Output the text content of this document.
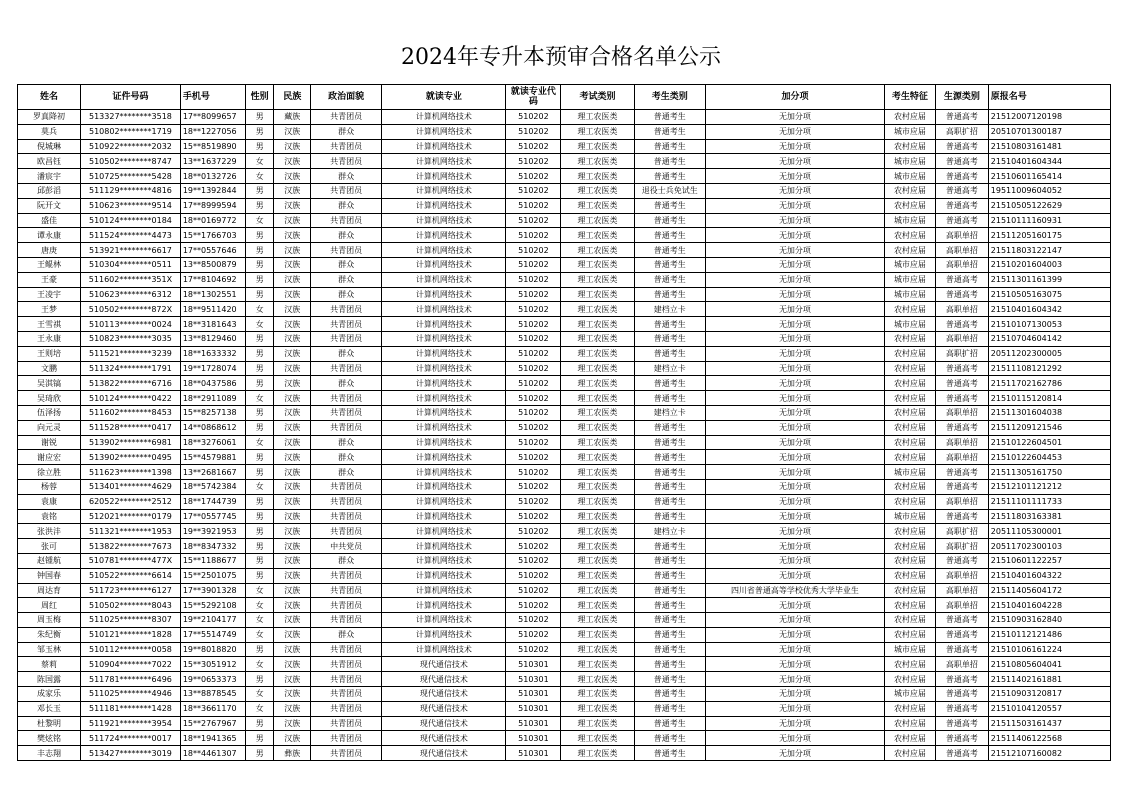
2024年专升本预审合格名单公示
姓名	证件号码	手机号	性别	民族	政治面貌	就读专业	就读专业代码	考试类别	考生类别	加分项	考生特征	生源类别	原报名号
罗真降初	513327********3518	17**8099657	男	藏族	共青团员	计算机网络技术	510202	理工农医类	普通考生	无加分项	农村应届	普通高考	21512007120198
莫兵	510802********1719	18**1227056	男	汉族	群众	计算机网络技术	510202	理工农医类	普通考生	无加分项	城市应届	高职扩招	20510701300187
倪城琳	510922********2032	15**8519890	男	汉族	共青团员	计算机网络技术	510202	理工农医类	普通考生	无加分项	农村应届	普通高考	21510803161481
欧昌钰	510502********8747	13**1637229	女	汉族	共青团员	计算机网络技术	510202	理工农医类	普通考生	无加分项	城市应届	普通高考	21510401604344
潘宸宇	510725********5428	18**0132726	女	汉族	群众	计算机网络技术	510202	理工农医类	普通考生	无加分项	城市应届	普通高考	21510601165414
邱彭滔	511129********4816	19**1392844	男	汉族	共青团员	计算机网络技术	510202	理工农医类	退役士兵免试生	无加分项	农村应届	普通高考	19511009604052
阮开文	510623********9514	17**8999594	男	汉族	群众	计算机网络技术	510202	理工农医类	普通考生	无加分项	农村应届	普通高考	21510505122629
盛佳	510124********0184	18**0169772	女	汉族	共青团员	计算机网络技术	510202	理工农医类	普通考生	无加分项	城市应届	普通高考	21510111160931
谭永康	511524********4473	15**1766703	男	汉族	群众	计算机网络技术	510202	理工农医类	普通考生	无加分项	农村应届	高职单招	21511205160175
唐庚	513921********6617	17**0557646	男	汉族	共青团员	计算机网络技术	510202	理工农医类	普通考生	无加分项	农村应届	高职单招	21511803122147
王鲲林	510304********0511	13**8500879	男	汉族	群众	计算机网络技术	510202	理工农医类	普通考生	无加分项	城市应届	高职单招	21510201604003
王豪	511602********351X	17**8104692	男	汉族	群众	计算机网络技术	510202	理工农医类	普通考生	无加分项	城市应届	普通高考	21511301161399
王凌宇	510623********6312	18**1302551	男	汉族	群众	计算机网络技术	510202	理工农医类	普通考生	无加分项	城市应届	普通高考	21510505163075
王梦	510502********872X	18**9511420	女	汉族	共青团员	计算机网络技术	510202	理工农医类	建档立卡	无加分项	农村应届	高职单招	21510401604342
王雪祺	510113********0024	18**3181643	女	汉族	共青团员	计算机网络技术	510202	理工农医类	普通考生	无加分项	城市应届	普通高考	21510107130053
王永康	510823********3035	13**8129460	男	汉族	共青团员	计算机网络技术	510202	理工农医类	普通考生	无加分项	农村应届	高职单招	21510704604142
王则培	511521********3239	18**1633332	男	汉族	群众	计算机网络技术	510202	理工农医类	普通考生	无加分项	农村应届	高职扩招	20511202300005
文鹏	511324********1791	19**1728074	男	汉族	共青团员	计算机网络技术	510202	理工农医类	建档立卡	无加分项	农村应届	普通高考	21511108121292
吴淇镐	513822********6716	18**0437586	男	汉族	群众	计算机网络技术	510202	理工农医类	普通考生	无加分项	农村应届	普通高考	21511702162786
吴琦欣	510124********0422	18**2911089	女	汉族	共青团员	计算机网络技术	510202	理工农医类	普通考生	无加分项	农村应届	普通高考	21510115120814
伍泽扬	511602********8453	15**8257138	男	汉族	共青团员	计算机网络技术	510202	理工农医类	建档立卡	无加分项	农村应届	高职单招	21511301604038
向元灵	511528********0417	14**0868612	男	汉族	共青团员	计算机网络技术	510202	理工农医类	普通考生	无加分项	农村应届	普通高考	21511209121546
谢锐	513902********6981	18**3276061	女	汉族	群众	计算机网络技术	510202	理工农医类	普通考生	无加分项	农村应届	高职单招	21510122604501
谢应宏	513902********0495	15**4579881	男	汉族	群众	计算机网络技术	510202	理工农医类	普通考生	无加分项	农村应届	高职单招	21510122604453
徐立胜	511623********1398	13**2681667	男	汉族	群众	计算机网络技术	510202	理工农医类	普通考生	无加分项	城市应届	普通高考	21511305161750
杨蓉	513401********4629	18**5742384	女	汉族	共青团员	计算机网络技术	510202	理工农医类	普通考生	无加分项	农村应届	普通高考	21512101121212
袁康	620522********2512	18**1744739	男	汉族	共青团员	计算机网络技术	510202	理工农医类	普通考生	无加分项	农村应届	高职单招	21511101111733
袁铭	512021********0179	17**0557745	男	汉族	共青团员	计算机网络技术	510202	理工农医类	普通考生	无加分项	城市应届	普通高考	21511803163381
张洪沣	511321********1953	19**3921953	男	汉族	共青团员	计算机网络技术	510202	理工农医类	建档立卡	无加分项	农村应届	高职扩招	20511105300001
张可	513822********7673	18**8347332	男	汉族	中共党员	计算机网络技术	510202	理工农医类	普通考生	无加分项	农村应届	高职扩招	20511702300103
赵锺航	510781********477X	15**1188677	男	汉族	群众	计算机网络技术	510202	理工农医类	普通考生	无加分项	农村应届	普通高考	21510601122257
钟国春	510522********6614	15**2501075	男	汉族	共青团员	计算机网络技术	510202	理工农医类	普通考生	无加分项	农村应届	高职单招	21510401604322
周达育	511723********6127	17**3901328	女	汉族	共青团员	计算机网络技术	510202	理工农医类	普通考生	四川省普通高等学校优秀大学毕业生	农村应届	高职单招	21511405604172
周红	510502********8043	15**5292108	女	汉族	共青团员	计算机网络技术	510202	理工农医类	普通考生	无加分项	农村应届	高职单招	21510401604228
周玉梅	511025********8307	19**2104177	女	汉族	共青团员	计算机网络技术	510202	理工农医类	普通考生	无加分项	农村应届	普通高考	21510903162840
朱纪衡	510121********1828	17**5514749	女	汉族	群众	计算机网络技术	510202	理工农医类	普通考生	无加分项	农村应届	普通高考	21510112121486
邹玉林	510112********0058	19**8018820	男	汉族	共青团员	计算机网络技术	510202	理工农医类	普通考生	无加分项	城市应届	普通高考	21510106161224
蔡莉	510904********7022	15**3051912	女	汉族	共青团员	现代通信技术	510301	理工农医类	普通考生	无加分项	农村应届	高职单招	21510805604041
陈国露	511781********6496	19**0653373	男	汉族	共青团员	现代通信技术	510301	理工农医类	普通考生	无加分项	农村应届	普通高考	21511402161881
成家乐	511025********4946	13**8878545	女	汉族	共青团员	现代通信技术	510301	理工农医类	普通考生	无加分项	城市应届	普通高考	21510903120817
邓长玉	511181********1428	18**3661170	女	汉族	共青团员	现代通信技术	510301	理工农医类	普通考生	无加分项	农村应届	普通高考	21510104120557
杜黎明	511921********3954	15**2767967	男	汉族	共青团员	现代通信技术	510301	理工农医类	普通考生	无加分项	农村应届	普通高考	21511503161437
樊炫铭	511724********0017	18**1941365	男	汉族	共青团员	现代通信技术	510301	理工农医类	普通考生	无加分项	农村应届	普通高考	21511406122568
丰志翔	513427********3019	18**4461307	男	彝族	共青团员	现代通信技术	510301	理工农医类	普通考生	无加分项	农村应届	普通高考	21512107160082
